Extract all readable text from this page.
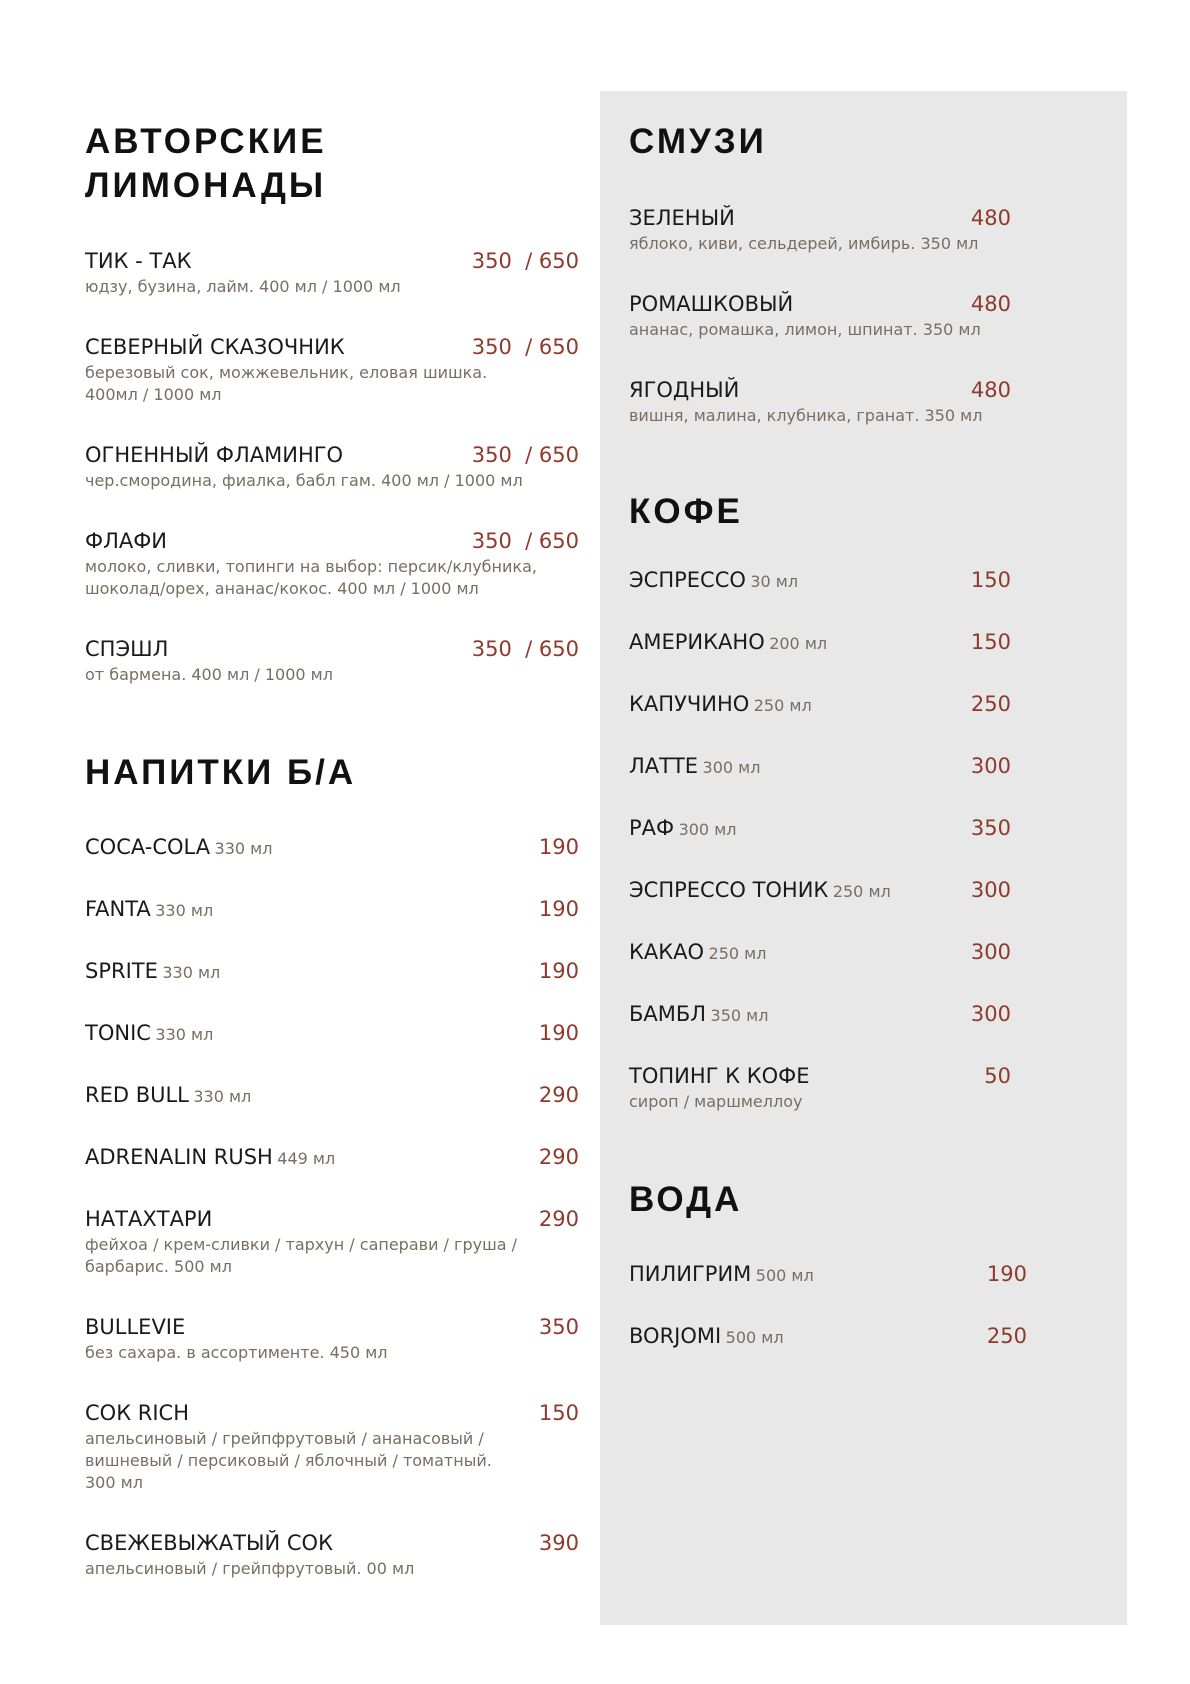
АВТОРСКИЕ
ЛИМОНАДЫ
ТИК - ТАК	350  / 650
юдзу, бузина, лайм. 400 мл / 1000 мл
СЕВЕРНЫЙ СКАЗОЧНИК	350  / 650
березовый сок, можжевельник, еловая шишка.
400мл / 1000 мл
ОГНЕННЫЙ ФЛАМИНГО	350  / 650
чер.смородина, фиалка, бабл гам. 400 мл / 1000 мл
ФЛАФИ	350  / 650
молоко, сливки, топинги на выбор: персик/клубника,
шоколад/орех, ананас/кокос. 400 мл / 1000 мл
СПЭШЛ	350  / 650
от бармена. 400 мл / 1000 мл
НАПИТКИ Б/А
COCA-COLA 330 мл	190
FANTA 330 мл	190
SPRITE 330 мл	190
TONIC 330 мл	190
RED BULL 330 мл	290
ADRENALIN RUSH 449 мл	290
НАТАХТАРИ	290
фейхоа / крем-сливки / тархун / саперави / груша /
барбарис. 500 мл
BULLEVIE	350
без сахара. в ассортименте. 450 мл
СОК RICH	150
апельсиновый / грейпфрутовый / ананасовый /
вишневый / персиковый / яблочный / томатный.
300 мл
СВЕЖЕВЫЖАТЫЙ СОК	390
апельсиновый / грейпфрутовый. 00 мл
СМУЗИ
ЗЕЛЕНЫЙ	480
яблоко, киви, сельдерей, имбирь. 350 мл
РОМАШКОВЫЙ	480
ананас, ромашка, лимон, шпинат. 350 мл
ЯГОДНЫЙ	480
вишня, малина, клубника, гранат. 350 мл
КОФЕ
ЭСПРЕССО 30 мл	150
АМЕРИКАНО 200 мл	150
КАПУЧИНО 250 мл	250
ЛАТТЕ 300 мл	300
РАФ 300 мл	350
ЭСПРЕССО ТОНИК 250 мл	300
КАКАО 250 мл	300
БАМБЛ 350 мл	300
ТОПИНГ К КОФЕ	50
сироп / маршмеллоу
ВОДА
ПИЛИГРИМ 500 мл	190
BORJOMI 500 мл	250
